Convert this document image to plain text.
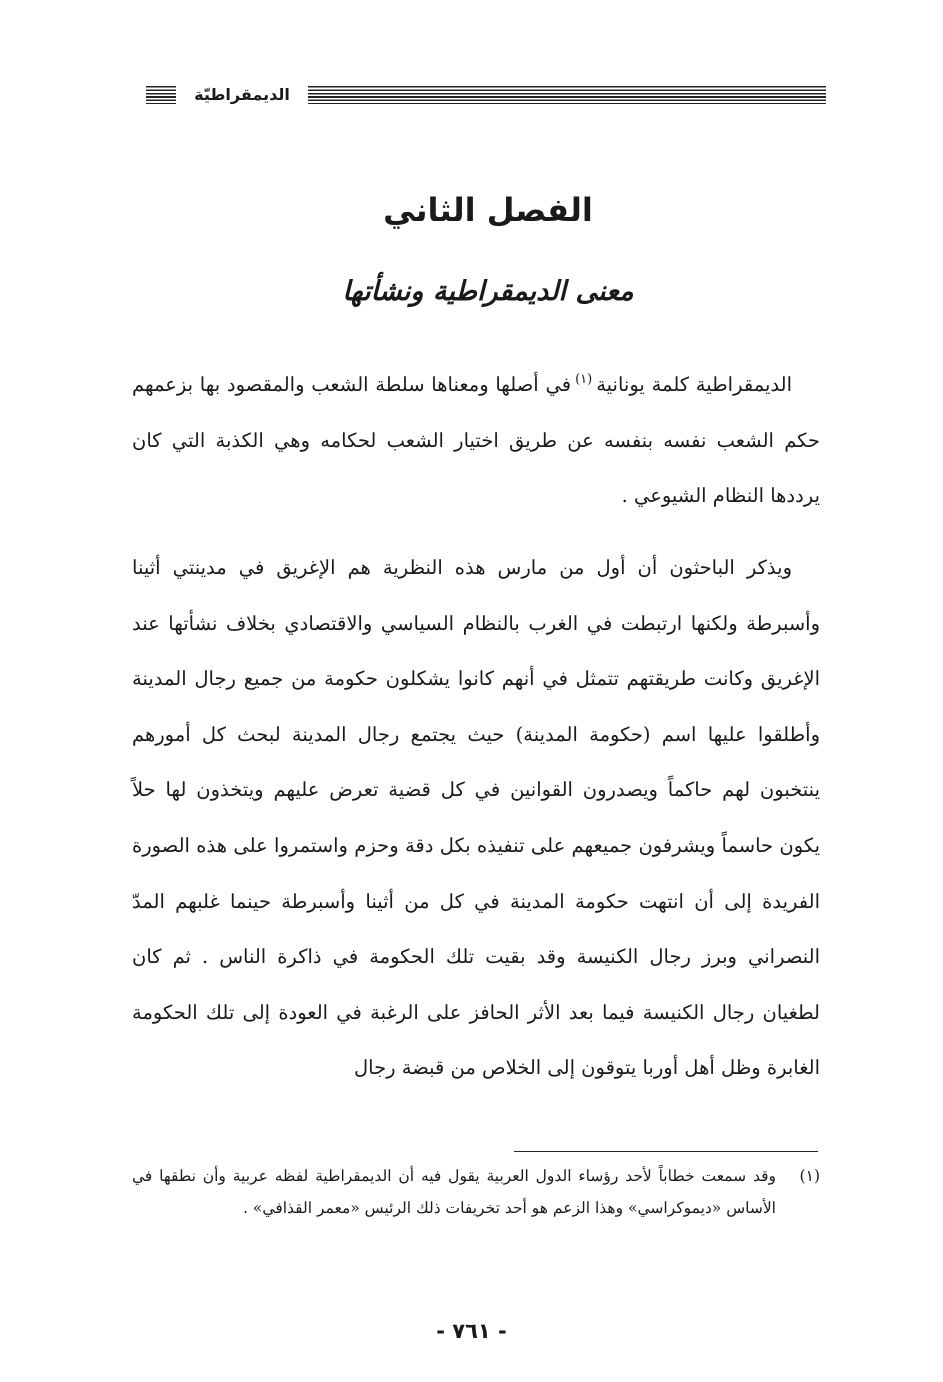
الديمقراطيّة
الفصل الثاني
معنى الديمقراطية ونشأتها

الديمقراطية كلمة يونانية$^{(١)}$في أصلها ومعناها سلطة الشعب والمقصود بها بزعمهم حكم الشعب نفسه بنفسه عن طريق اختيار الشعب لحكامه وهي الكذبة التي كان يرددها النظام الشيوعي .

ويذكر الباحثون أن أول من مارس هذه النظرية هم الإغريق في مدينتي أثينا وأسبرطة ولكنها ارتبطت في الغرب بالنظام السياسي والاقتصادي بخلاف نشأتها عند الإغريق وكانت طريقتهم تتمثل في أنهم كانوا يشكلون حكومة من جميع رجال المدينة وأطلقوا عليها اسم (حكومة المدينة) حيث يجتمع رجال المدينة لبحث كل أمورهم ينتخبون لهم حاكماً ويصدرون القوانين في كل قضية تعرض عليهم ويتخذون لها حلاً يكون حاسماً ويشرفون جميعهم على تنفيذه بكل دقة وحزم واستمروا على هذه الصورة الفريدة إلى أن انتهت حكومة المدينة في كل من أثينا وأسبرطة حينما غلبهم المدّ النصراني وبرز رجال الكنيسة وقد بقيت تلك الحكومة في ذاكرة الناس . ثم كان لطغيان رجال الكنيسة فيما بعد الأثر الحافز على الرغبة في العودة إلى تلك الحكومة الغابرة وظل أهل أوربا يتوقون إلى الخلاص من قبضة رجال

(١)
وقد سمعت خطاباً لأحد رؤساء الدول العربية يقول فيه أن الديمقراطية لفظه عربية وأن نطقها في الأساس «ديموكراسي» وهذا الزعم هو أحد تخريفات ذلك الرئيس «معمر القذافي» .
- ٧٦١ -
